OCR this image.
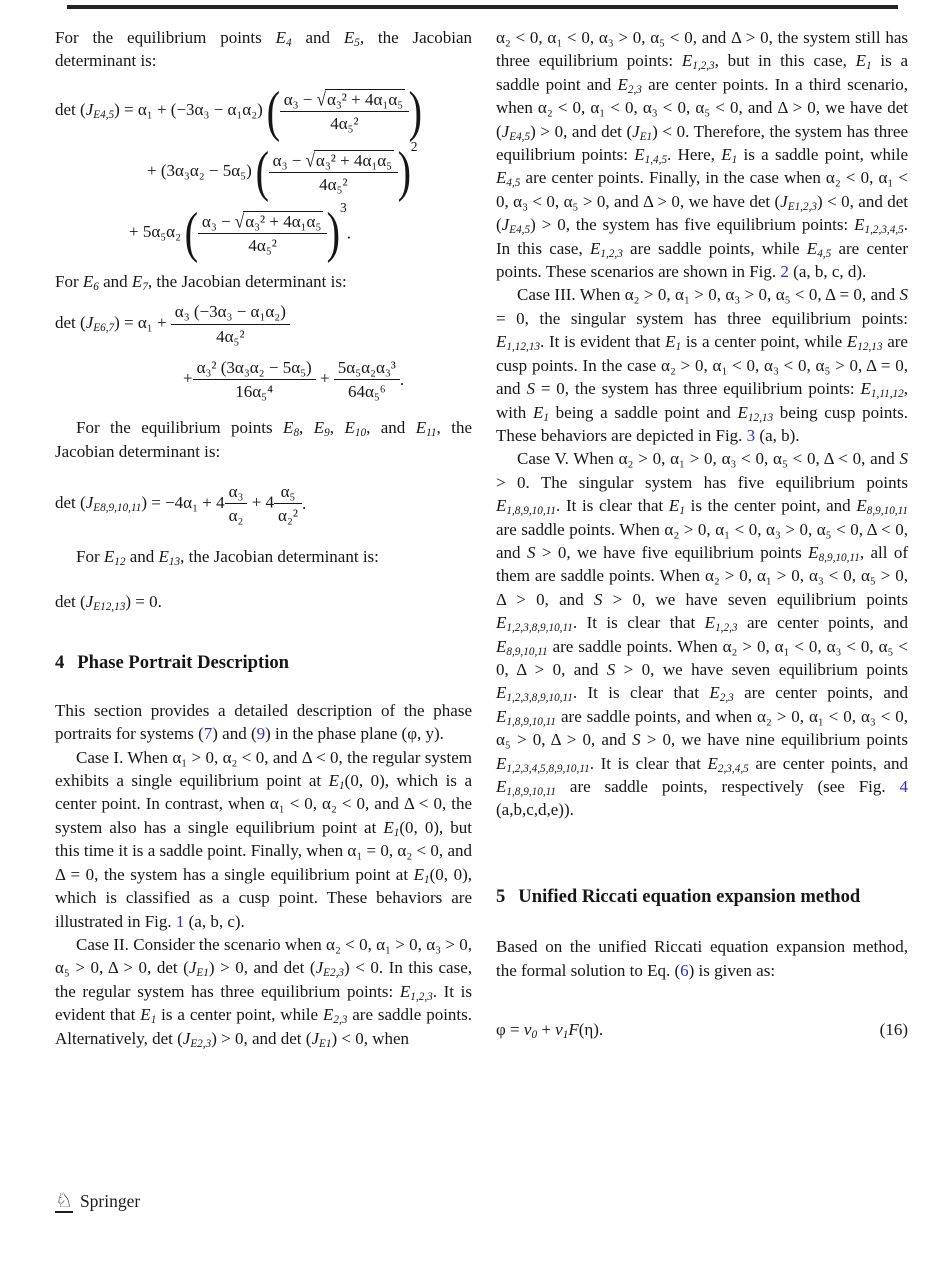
For the equilibrium points $E_4$ and $E_5$, the Jacobian determinant is:

$\det (J_{E4,5}) = \alpha_1 + (-3\alpha_3 - \alpha_1\alpha_2)$ ( $\frac{\text{α₃ − √α₃² + 4α₁α₅}}{\text{4α₅²}}$ )
+ (3α₃α₂ − 5α₅) ( $\frac{\text{α₃ − √α₃² + 4α₁α₅}}{\text{4α₅²}} )^2$
+ 5α₅α₂ ( $\frac{\text{α₃ − √α₃² + 4α₁α₅}}{\text{4α₅²}} )^3$.

For $E_6$ and $E_7$, the Jacobian determinant is:

$\det (J_{E6,7}) = \alpha_1 + \frac{\text{α₃ (−3α₃ − α₁α₂)}}{\text{4α₅²}}$
+ $\frac{\text{α₃² (3α₃α₂ − 5α₅)}}{\text{16α₅⁴}} + \frac{\text{5α₅α₂α₃³}}{\text{64α₅⁶}}$ .

For the equilibrium points $E_8$, $E_9$, $E_{10}$, and $E_{11}$, the Jacobian determinant is:

$\det (J_{E8,9,10,11}) = -4\alpha_1 + 4 \frac{\text{α₃}}{\text{α₂}} + 4 \frac{\text{α₅}}{\text{α₂²}}$ .

For $E_{12}$ and $E_{13}$, the Jacobian determinant is:

$\det (J_{E12,13}) = 0$.
4 Phase Portrait Description

This section provides a detailed description of the phase portraits for systems (7) and (9) in the phase plane (φ, y).

Case I. When α₁ > 0, α₂ < 0, and Δ < 0, the regular system exhibits a single equilibrium point at $E_1(0$, 0), which is a center point. In contrast, when α₁ < 0, α₂ < 0, and Δ < 0, the system also has a single equilibrium point at $E_1(0$, 0), but this time it is a saddle point. Finally, when α₁ = 0, α₂ < 0, and Δ = 0, the system has a single equilibrium point at $E_1(0$, 0), which is classified as a cusp point. These behaviors are illustrated in Fig. 1 (a, b, c).

Case II. Consider the scenario when α₂ < 0, α₁ > 0, α₃ > 0, α₅ > 0, Δ > 0, $\det (J_{E1}) > 0$, and $\det (J_{E2,3}) < 0$. In this case, the regular system has three equilibrium points: $E_{1,2,3}$. It is evident that $E_1$ is a center point, while $E_{2,3}$ are saddle points. Alternatively, $\det (J_{E2,3}) > 0$, and $\det (J_{E1}) < 0$, when

α₂ < 0, α₁ < 0, α₃ > 0, α₅ < 0, and Δ > 0, the system still has three equilibrium points: $E_{1,2,3}$, but in this case, $E_1$ is a saddle point and $E_{2,3}$ are center points. In a third scenario, when α₂ < 0, α₁ < 0, α₃ < 0, α₅ < 0, and Δ > 0, we have $\det (J_{E4,5}) > 0$, and $\det (J_{E1}) < 0$. Therefore, the system has three equilibrium points: $E_{1,4,5}$. Here, $E_1$ is a saddle point, while $E_{4,5}$ are center points. Finally, in the case when α₂ < 0, α₁ < 0, α₃ < 0, α₅ > 0, and Δ > 0, we have $\det (J_{E1,2,3}) < 0$, and $\det (J_{E4,5}) > 0$, the system has five equilibrium points: $E_{1,2,3,4,5}$. In this case, $E_{1,2,3}$ are saddle points, while $E_{4,5}$ are center points. These scenarios are shown in Fig. 2 (a, b, c, d).

Case III. When α₂ > 0, α₁ > 0, α₃ > 0, α₅ < 0, Δ = 0, and S = 0, the singular system has three equilibrium points: $E_{1,12,13}$. It is evident that $E_1$ is a center point, while $E_{12,13}$ are cusp points. In the case α₂ > 0, α₁ < 0, α₃ < 0, α₅ > 0, Δ = 0, and S = 0, the system has three equilibrium points: $E_{1,11,12}$, with $E_1$ being a saddle point and $E_{12,13}$ being cusp points. These behaviors are depicted in Fig. 3 (a, b).

Case V. When α₂ > 0, α₁ > 0, α₃ < 0, α₅ < 0, Δ < 0, and S > 0. The singular system has five equilibrium points $E_{1,8,9,10,11}$. It is clear that $E_1$ is the center point, and $E_{8,9,10,11}$ are saddle points. When α₂ > 0, α₁ < 0, α₃ > 0, α₅ < 0, Δ < 0, and S > 0, we have five equilibrium points $E_{8,9,10,11}$, all of them are saddle points. When α₂ > 0, α₁ > 0, α₃ < 0, α₅ > 0, Δ > 0, and S > 0, we have seven equilibrium points $E_{1,2,3,8,9,10,11}$. It is clear that $E_{1,2,3}$ are center points, and $E_{8,9,10,11}$ are saddle points. When α₂ > 0, α₁ < 0, α₃ < 0, α₅ < 0, Δ > 0, and S > 0, we have seven equilibrium points $E_{1,2,3,8,9,10,11}$. It is clear that $E_{2,3}$ are center points, and $E_{1,8,9,10,11}$ are saddle points, and when α₂ > 0, α₁ < 0, α₃ < 0, α₅ > 0, Δ > 0, and S > 0, we have nine equilibrium points $E_{1,2,3,4,5,8,9,10,11}$. It is clear that $E_{2,3,4,5}$ are center points, and $E_{1,8,9,10,11}$ are saddle points, respectively (see Fig. 4 (a,b,c,d,e)).

5 Unified Riccati equation expansion method

Based on the unified Riccati equation expansion method, the formal solution to Eq. (6) is given as:

$\varphi = v_0 + v_1F(\eta)$.	(16)
♘ Springer
